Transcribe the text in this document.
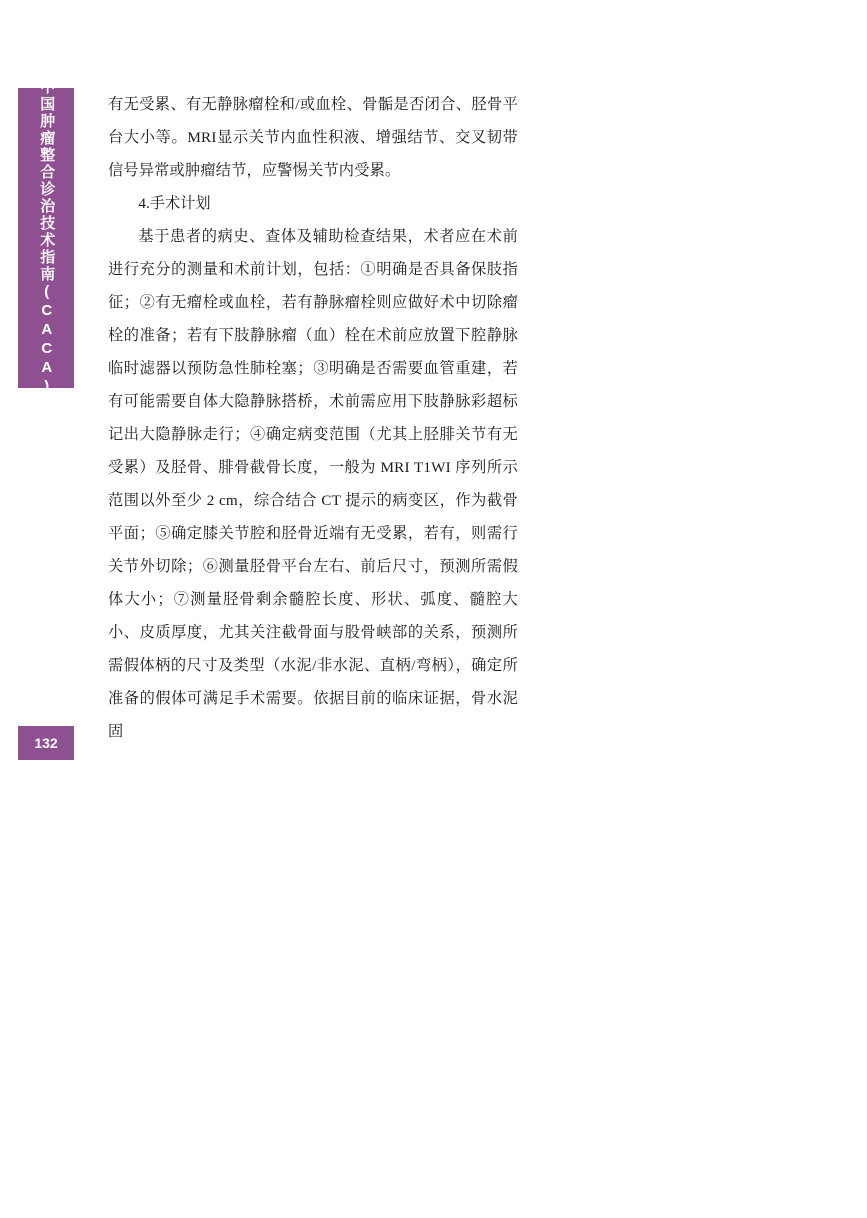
中国肿瘤整合诊治技术指南(CACA)
132

有无受累、有无静脉瘤栓和/或血栓、骨骺是否闭合、胫骨平台大小等。MRI显示关节内血性积液、增强结节、交叉韧带信号异常或肿瘤结节，应警惕关节内受累。

4.手术计划

基于患者的病史、查体及辅助检查结果，术者应在术前进行充分的测量和术前计划，包括：①明确是否具备保肢指征；②有无瘤栓或血栓，若有静脉瘤栓则应做好术中切除瘤栓的准备；若有下肢静脉瘤（血）栓在术前应放置下腔静脉临时滤器以预防急性肺栓塞；③明确是否需要血管重建，若有可能需要自体大隐静脉搭桥，术前需应用下肢静脉彩超标记出大隐静脉走行；④确定病变范围（尤其上胫腓关节有无受累）及胫骨、腓骨截骨长度，一般为 MRI T1WI 序列所示范围以外至少 2 cm，综合结合 CT 提示的病变区，作为截骨平面；⑤确定膝关节腔和胫骨近端有无受累，若有，则需行关节外切除；⑥测量胫骨平台左右、前后尺寸，预测所需假体大小；⑦测量胫骨剩余髓腔长度、形状、弧度、髓腔大小、皮质厚度，尤其关注截骨面与股骨峡部的关系，预测所需假体柄的尺寸及类型（水泥/非水泥、直柄/弯柄），确定所准备的假体可满足手术需要。依据目前的临床证据，骨水泥固
